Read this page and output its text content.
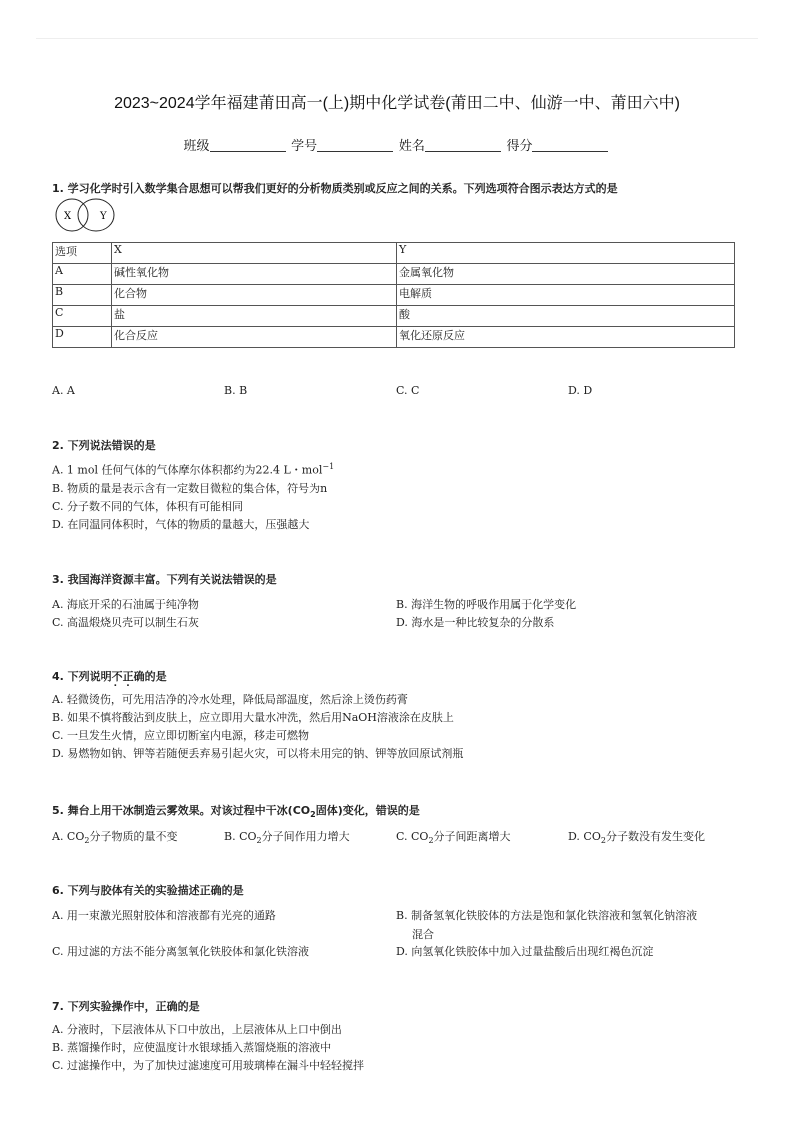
2023~2024学年福建莆田高一(上)期中化学试卷(莆田二中、仙游一中、莆田六中)
班级	学号	姓名	得分
1. 学习化学时引入数学集合思想可以帮我们更好的分析物质类别或反应之间的关系。下列选项符合图示表达方式的是
X	Y
选项	X	Y
A	碱性氧化物	金属氧化物
B	化合物	电解质
C	盐	酸
D	化合反应	氧化还原反应
A. A	B. B	C. C	D. D
2. 下列说法错误的是
A. 1 mol 任何气体的气体摩尔体积都约为22.4 L・mol$^{-1}$
B. 物质的量是表示含有一定数目微粒的集合体，符号为n
C. 分子数不同的气体，体积有可能相同
D. 在同温同体积时，气体的物质的量越大，压强越大
3. 我国海洋资源丰富。下列有关说法错误的是
A. 海底开采的石油属于纯净物	B. 海洋生物的呼吸作用属于化学变化
C. 高温煅烧贝壳可以制生石灰	D. 海水是一种比较复杂的分散系
4. 下列说明不正确 . .的是
A. 轻微烫伤，可先用洁净的冷水处理，降低局部温度，然后涂上烫伤药膏
B. 如果不慎将酸沾到皮肤上，应立即用大量水冲洗，然后用NaOH溶液涂在皮肤上
C. 一旦发生火情，应立即切断室内电源，移走可燃物
D. 易燃物如钠、钾等若随便丢弃易引起火灾，可以将未用完的钠、钾等放回原试剂瓶
5. 舞台上用干冰制造云雾效果。对该过程中干冰($CO_2$固体)变化，错误的是
A. $CO_2$分子物质的量不变	B. $CO_2$分子间作用力增大	C. $CO_2$分子间距离增大	D. $CO_2$分子数没有发生变化
6. 下列与胶体有关的实验描述正确的是
A. 用一束激光照射胶体和溶液都有光亮的通路	B. 制备氢氧化铁胶体的方法是饱和氯化铁溶液和氢氧化钠溶液
混合
C. 用过滤的方法不能分离氢氧化铁胶体和氯化铁溶液	D. 向氢氧化铁胶体中加入过量盐酸后出现红褐色沉淀
7. 下列实验操作中，正确的是
A. 分液时，下层液体从下口中放出，上层液体从上口中倒出
B. 蒸馏操作时，应使温度计水银球插入蒸馏烧瓶的溶液中
C. 过滤操作中，为了加快过滤速度可用玻璃棒在漏斗中轻轻搅拌
